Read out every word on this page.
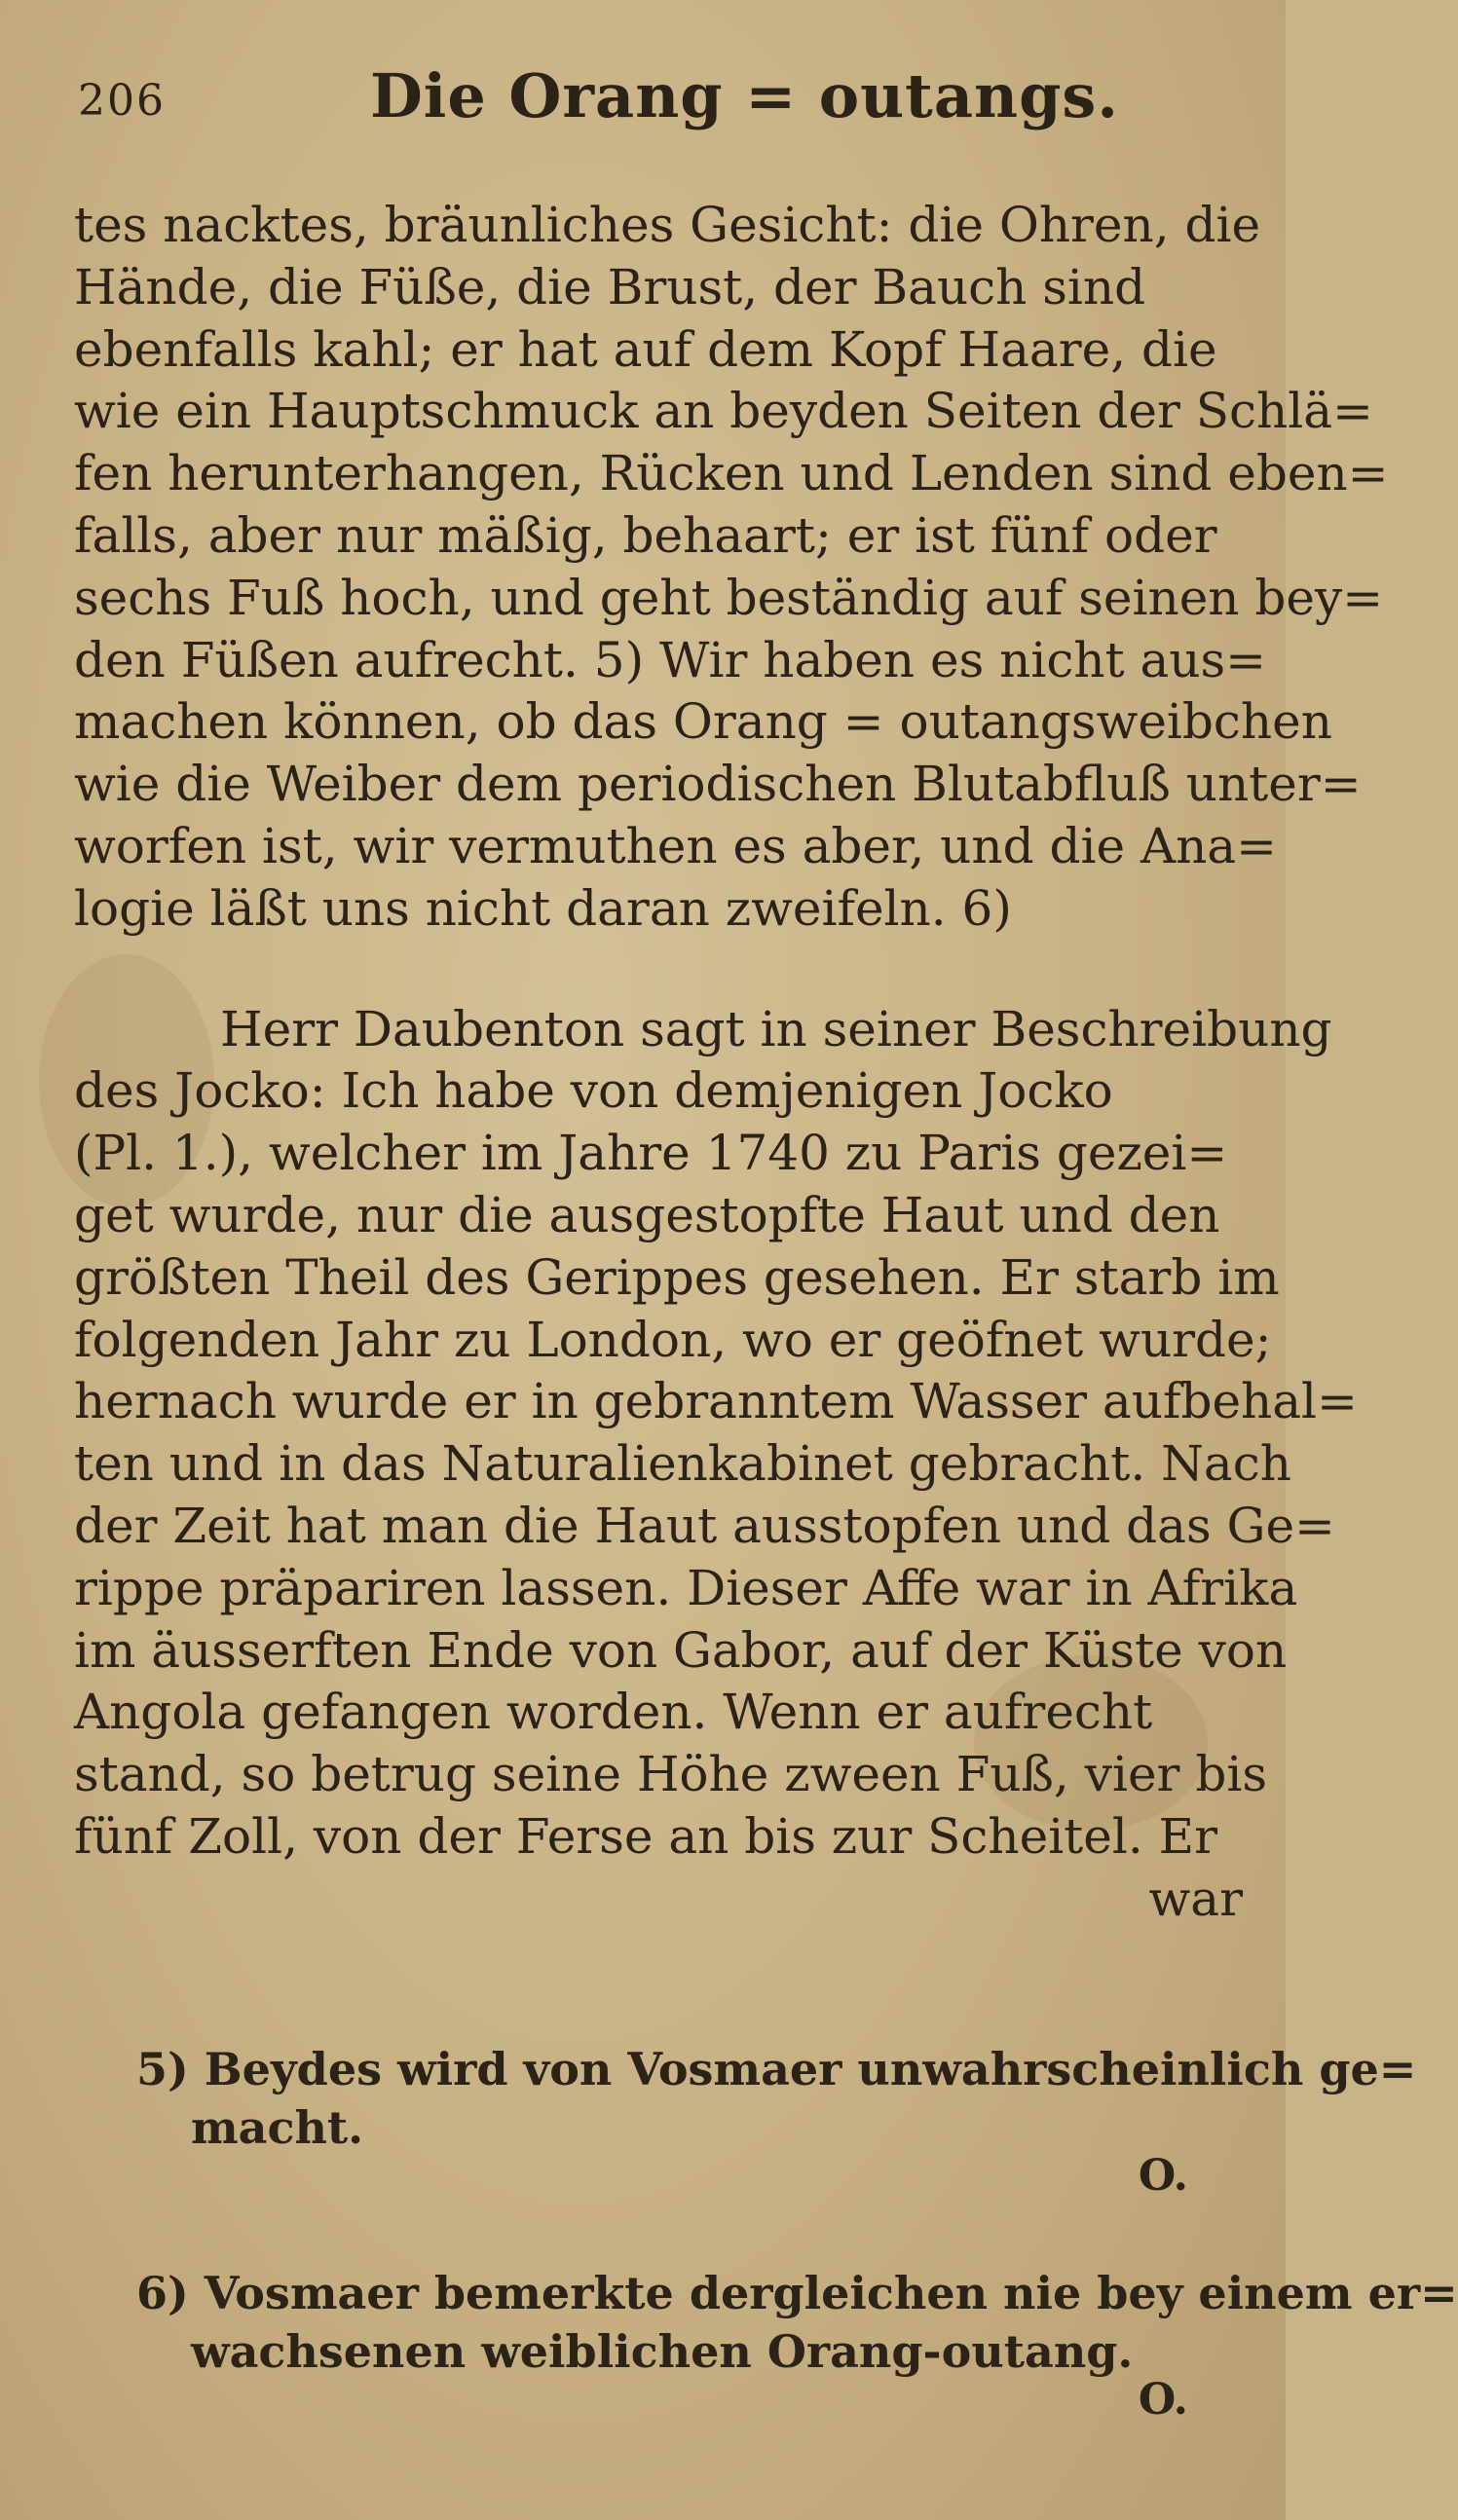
206	Die Orang = outangs.
tes nacktes, bräunliches Gesicht: die Ohren, die
Hände, die Füße, die Brust, der Bauch sind
ebenfalls kahl; er hat auf dem Kopf Haare, die
wie ein Hauptschmuck an beyden Seiten der Schlä=
fen herunterhangen, Rücken und Lenden sind eben=
falls, aber nur mäßig, behaart; er ist fünf oder
sechs Fuß hoch, und geht beständig auf seinen bey=
den Füßen aufrecht. 5) Wir haben es nicht aus=
machen können, ob das Orang = outangsweibchen
wie die Weiber dem periodischen Blutabfluß unter=
worfen ist, wir vermuthen es aber, und die Ana=
logie läßt uns nicht daran zweifeln. 6)
Herr Daubenton sagt in seiner Beschreibung
des Jocko: Ich habe von demjenigen Jocko
(Pl. 1.), welcher im Jahre 1740 zu Paris gezei=
get wurde, nur die ausgestopfte Haut und den
größten Theil des Gerippes gesehen. Er starb im
folgenden Jahr zu London, wo er geöfnet wurde;
hernach wurde er in gebranntem Wasser aufbehal=
ten und in das Naturalienkabinet gebracht. Nach
der Zeit hat man die Haut ausstopfen und das Ge=
rippe präpariren lassen. Dieser Affe war in Afrika
im äusserften Ende von Gabor, auf der Küste von
Angola gefangen worden. Wenn er aufrecht
stand, so betrug seine Höhe zween Fuß, vier bis
fünf Zoll, von der Ferse an bis zur Scheitel. Er
war
5) Beydes wird von Vosmaer unwahrscheinlich ge=
macht.
O.
6) Vosmaer bemerkte dergleichen nie bey einem er=
wachsenen weiblichen Orang-outang.
O.
